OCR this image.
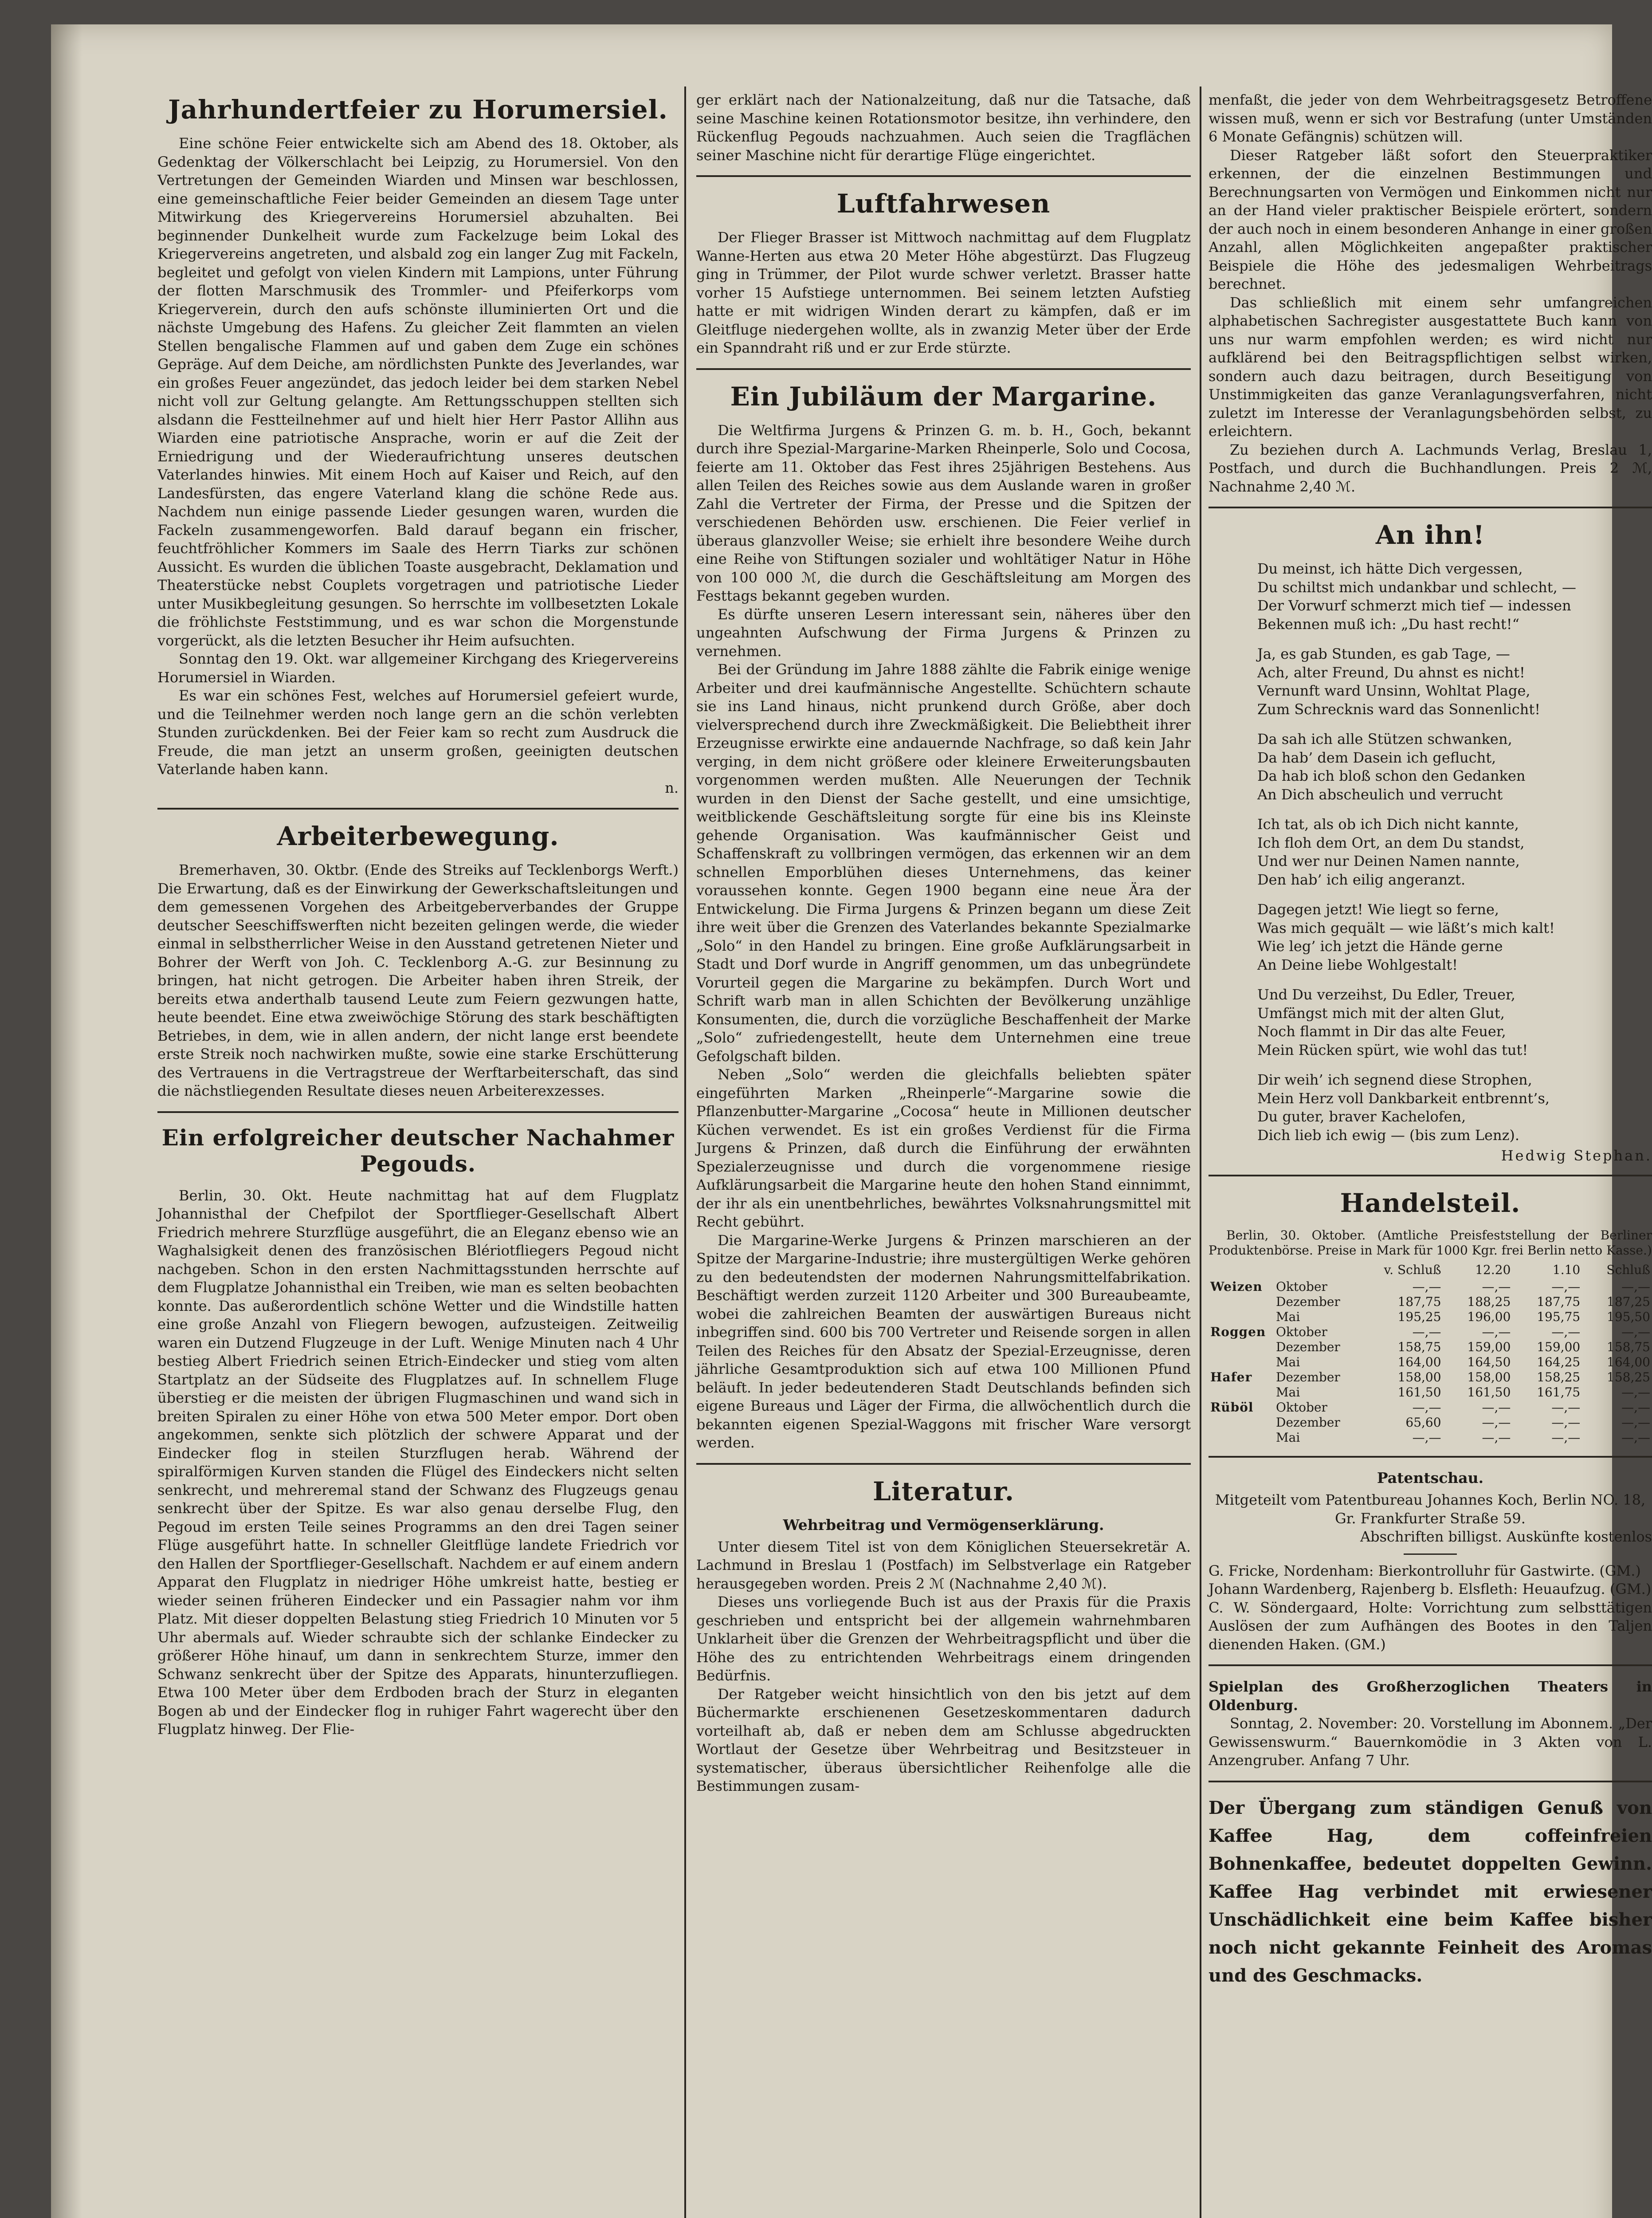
Jahrhundertfeier zu Horumersiel.

Eine schöne Feier entwickelte sich am Abend des 18. Oktober, als Gedenktag der Völkerschlacht bei Leipzig, zu Horumersiel. Von den Vertretungen der Gemeinden Wiarden und Minsen war beschlossen, eine gemeinschaftliche Feier beider Gemeinden an diesem Tage unter Mitwirkung des Kriegervereins Horumersiel abzuhalten. Bei beginnender Dunkelheit wurde zum Fackelzuge beim Lokal des Kriegervereins angetreten, und alsbald zog ein langer Zug mit Fackeln, begleitet und gefolgt von vielen Kindern mit Lampions, unter Führung der flotten Marschmusik des Trommler- und Pfeiferkorps vom Kriegerverein, durch den aufs schönste illuminierten Ort und die nächste Umgebung des Hafens. Zu gleicher Zeit flammten an vielen Stellen bengalische Flammen auf und gaben dem Zuge ein schönes Gepräge. Auf dem Deiche, am nördlichsten Punkte des Jeverlandes, war ein großes Feuer angezündet, das jedoch leider bei dem starken Nebel nicht voll zur Geltung gelangte. Am Rettungsschuppen stellten sich alsdann die Festteilnehmer auf und hielt hier Herr Pastor Allihn aus Wiarden eine patriotische Ansprache, worin er auf die Zeit der Erniedrigung und der Wiederaufrichtung unseres deutschen Vaterlandes hinwies. Mit einem Hoch auf Kaiser und Reich, auf den Landesfürsten, das engere Vaterland klang die schöne Rede aus. Nachdem nun einige passende Lieder gesungen waren, wurden die Fackeln zusammengeworfen. Bald darauf begann ein frischer, feuchtfröhlicher Kommers im Saale des Herrn Tiarks zur schönen Aussicht. Es wurden die üblichen Toaste ausgebracht, Deklamation und Theaterstücke nebst Couplets vorgetragen und patriotische Lieder unter Musikbegleitung gesungen. So herrschte im vollbesetzten Lokale die fröhlichste Feststimmung, und es war schon die Morgenstunde vorgerückt, als die letzten Besucher ihr Heim aufsuchten.

Sonntag den 19. Okt. war allgemeiner Kirchgang des Kriegervereins Horumersiel in Wiarden.

Es war ein schönes Fest, welches auf Horumersiel gefeiert wurde, und die Teilnehmer werden noch lange gern an die schön verlebten Stunden zurückdenken. Bei der Feier kam so recht zum Ausdruck die Freude, die man jetzt an unserm großen, geeinigten deutschen Vaterlande haben kann.

n.

Arbeiterbewegung.

Bremerhaven, 30. Oktbr. (Ende des Streiks auf Tecklenborgs Werft.) Die Erwartung, daß es der Einwirkung der Gewerkschaftsleitungen und dem gemessenen Vorgehen des Arbeitgeberverbandes der Gruppe deutscher Seeschiffswerften nicht bezeiten gelingen werde, die wieder einmal in selbstherrlicher Weise in den Ausstand getretenen Nieter und Bohrer der Werft von Joh. C. Tecklenborg A.-G. zur Besinnung zu bringen, hat nicht getrogen. Die Arbeiter haben ihren Streik, der bereits etwa anderthalb tausend Leute zum Feiern gezwungen hatte, heute beendet. Eine etwa zweiwöchige Störung des stark beschäftigten Betriebes, in dem, wie in allen andern, der nicht lange erst beendete erste Streik noch nachwirken mußte, sowie eine starke Erschütterung des Vertrauens in die Vertragstreue der Werftarbeiterschaft, das sind die nächstliegenden Resultate dieses neuen Arbeiterexzesses.

Ein erfolgreicher deutscher Nachahmer Pegouds.

Berlin, 30. Okt. Heute nachmittag hat auf dem Flugplatz Johannisthal der Chefpilot der Sportflieger-Gesellschaft Albert Friedrich mehrere Sturzflüge ausgeführt, die an Eleganz ebenso wie an Waghalsigkeit denen des französischen Blériotfliegers Pegoud nicht nachgeben. Schon in den ersten Nachmittagsstunden herrschte auf dem Flugplatze Johannisthal ein Treiben, wie man es selten beobachten konnte. Das außerordentlich schöne Wetter und die Windstille hatten eine große Anzahl von Fliegern bewogen, aufzusteigen. Zeitweilig waren ein Dutzend Flugzeuge in der Luft. Wenige Minuten nach 4 Uhr bestieg Albert Friedrich seinen Etrich-Eindecker und stieg vom alten Startplatz an der Südseite des Flugplatzes auf. In schnellem Fluge überstieg er die meisten der übrigen Flugmaschinen und wand sich in breiten Spiralen zu einer Höhe von etwa 500 Meter empor. Dort oben angekommen, senkte sich plötzlich der schwere Apparat und der Eindecker flog in steilen Sturzflugen herab. Während der spiralförmigen Kurven standen die Flügel des Eindeckers nicht selten senkrecht, und mehreremal stand der Schwanz des Flugzeugs genau senkrecht über der Spitze. Es war also genau derselbe Flug, den Pegoud im ersten Teile seines Programms an den drei Tagen seiner Flüge ausgeführt hatte. In schneller Gleitflüge landete Friedrich vor den Hallen der Sportflieger-Gesellschaft. Nachdem er auf einem andern Apparat den Flugplatz in niedriger Höhe umkreist hatte, bestieg er wieder seinen früheren Eindecker und ein Passagier nahm vor ihm Platz. Mit dieser doppelten Belastung stieg Friedrich 10 Minuten vor 5 Uhr abermals auf. Wieder schraubte sich der schlanke Eindecker zu größerer Höhe hinauf, um dann in senkrechtem Sturze, immer den Schwanz senkrecht über der Spitze des Apparats, hinunterzufliegen. Etwa 100 Meter über dem Erdboden brach der Sturz in eleganten Bogen ab und der Eindecker flog in ruhiger Fahrt wagerecht über den Flugplatz hinweg. Der Flie-

ger erklärt nach der Nationalzeitung, daß nur die Tatsache, daß seine Maschine keinen Rotationsmotor besitze, ihn verhindere, den Rückenflug Pegouds nachzuahmen. Auch seien die Tragflächen seiner Maschine nicht für derartige Flüge eingerichtet.

Luftfahrwesen

Der Flieger Brasser ist Mittwoch nachmittag auf dem Flugplatz Wanne-Herten aus etwa 20 Meter Höhe abgestürzt. Das Flugzeug ging in Trümmer, der Pilot wurde schwer verletzt. Brasser hatte vorher 15 Aufstiege unternommen. Bei seinem letzten Aufstieg hatte er mit widrigen Winden derart zu kämpfen, daß er im Gleitfluge niedergehen wollte, als in zwanzig Meter über der Erde ein Spanndraht riß und er zur Erde stürzte.

Ein Jubiläum der Margarine.

Die Weltfirma Jurgens & Prinzen G. m. b. H., Goch, bekannt durch ihre Spezial-Margarine-Marken Rheinperle, Solo und Cocosa, feierte am 11. Oktober das Fest ihres 25jährigen Bestehens. Aus allen Teilen des Reiches sowie aus dem Auslande waren in großer Zahl die Vertreter der Firma, der Presse und die Spitzen der verschiedenen Behörden usw. erschienen. Die Feier verlief in überaus glanzvoller Weise; sie erhielt ihre besondere Weihe durch eine Reihe von Stiftungen sozialer und wohltätiger Natur in Höhe von 100 000 ℳ, die durch die Geschäftsleitung am Morgen des Festtags bekannt gegeben wurden.

Es dürfte unseren Lesern interessant sein, näheres über den ungeahnten Aufschwung der Firma Jurgens & Prinzen zu vernehmen.

Bei der Gründung im Jahre 1888 zählte die Fabrik einige wenige Arbeiter und drei kaufmännische Angestellte. Schüchtern schaute sie ins Land hinaus, nicht prunkend durch Größe, aber doch vielversprechend durch ihre Zweckmäßigkeit. Die Beliebtheit ihrer Erzeugnisse erwirkte eine andauernde Nachfrage, so daß kein Jahr verging, in dem nicht größere oder kleinere Erweiterungsbauten vorgenommen werden mußten. Alle Neuerungen der Technik wurden in den Dienst der Sache gestellt, und eine umsichtige, weitblickende Geschäftsleitung sorgte für eine bis ins Kleinste gehende Organisation. Was kaufmännischer Geist und Schaffenskraft zu vollbringen vermögen, das erkennen wir an dem schnellen Emporblühen dieses Unternehmens, das keiner voraussehen konnte. Gegen 1900 begann eine neue Ära der Entwickelung. Die Firma Jurgens & Prinzen begann um diese Zeit ihre weit über die Grenzen des Vaterlandes bekannte Spezialmarke „Solo“ in den Handel zu bringen. Eine große Aufklärungsarbeit in Stadt und Dorf wurde in Angriff genommen, um das unbegründete Vorurteil gegen die Margarine zu bekämpfen. Durch Wort und Schrift warb man in allen Schichten der Bevölkerung unzählige Konsumenten, die, durch die vorzügliche Beschaffenheit der Marke „Solo“ zufriedengestellt, heute dem Unternehmen eine treue Gefolgschaft bilden.

Neben „Solo“ werden die gleichfalls beliebten später eingeführten Marken „Rheinperle“-Margarine sowie die Pflanzenbutter-Margarine „Cocosa“ heute in Millionen deutscher Küchen verwendet. Es ist ein großes Verdienst für die Firma Jurgens & Prinzen, daß durch die Einführung der erwähnten Spezialerzeugnisse und durch die vorgenommene riesige Aufklärungsarbeit die Margarine heute den hohen Stand einnimmt, der ihr als ein unentbehrliches, bewährtes Volksnahrungsmittel mit Recht gebührt.

Die Margarine-Werke Jurgens & Prinzen marschieren an der Spitze der Margarine-Industrie; ihre mustergültigen Werke gehören zu den bedeutendsten der modernen Nahrungsmittelfabrikation. Beschäftigt werden zurzeit 1120 Arbeiter und 300 Bureaubeamte, wobei die zahlreichen Beamten der auswärtigen Bureaus nicht inbegriffen sind. 600 bis 700 Vertreter und Reisende sorgen in allen Teilen des Reiches für den Absatz der Spezial-Erzeugnisse, deren jährliche Gesamtproduktion sich auf etwa 100 Millionen Pfund beläuft. In jeder bedeutenderen Stadt Deutschlands befinden sich eigene Bureaus und Läger der Firma, die allwöchentlich durch die bekannten eigenen Spezial-Waggons mit frischer Ware versorgt werden.

Literatur.
Wehrbeitrag und Vermögenserklärung.

Unter diesem Titel ist von dem Königlichen Steuersekretär A. Lachmund in Breslau 1 (Postfach) im Selbstverlage ein Ratgeber herausgegeben worden. Preis 2 ℳ (Nachnahme 2,40 ℳ).

Dieses uns vorliegende Buch ist aus der Praxis für die Praxis geschrieben und entspricht bei der allgemein wahrnehmbaren Unklarheit über die Grenzen der Wehrbeitragspflicht und über die Höhe des zu entrichtenden Wehrbeitrags einem dringenden Bedürfnis.

Der Ratgeber weicht hinsichtlich von den bis jetzt auf dem Büchermarkte erschienenen Gesetzeskommentaren dadurch vorteilhaft ab, daß er neben dem am Schlusse abgedruckten Wortlaut der Gesetze über Wehrbeitrag und Besitzsteuer in systematischer, überaus übersichtlicher Reihenfolge alle die Bestimmungen zusam-

menfaßt, die jeder von dem Wehrbeitragsgesetz Betroffene wissen muß, wenn er sich vor Bestrafung (unter Umständen 6 Monate Gefängnis) schützen will.

Dieser Ratgeber läßt sofort den Steuerpraktiker erkennen, der die einzelnen Bestimmungen und Berechnungsarten von Vermögen und Einkommen nicht nur an der Hand vieler praktischer Beispiele erörtert, sondern der auch noch in einem besonderen Anhange in einer großen Anzahl, allen Möglichkeiten angepaßter praktischer Beispiele die Höhe des jedesmaligen Wehrbeitrags berechnet.

Das schließlich mit einem sehr umfangreichen alphabetischen Sachregister ausgestattete Buch kann von uns nur warm empfohlen werden; es wird nicht nur aufklärend bei den Beitragspflichtigen selbst wirken, sondern auch dazu beitragen, durch Beseitigung von Unstimmigkeiten das ganze Veranlagungsverfahren, nicht zuletzt im Interesse der Veranlagungsbehörden selbst, zu erleichtern.

Zu beziehen durch A. Lachmunds Verlag, Breslau 1, Postfach, und durch die Buchhandlungen. Preis 2 ℳ, Nachnahme 2,40 ℳ.

An ihn!
Du meinst, ich hätte Dich vergessen,
Du schiltst mich undankbar und schlecht, —
Der Vorwurf schmerzt mich tief — indessen
Bekennen muß ich: „Du hast recht!“
Ja, es gab Stunden, es gab Tage, —
Ach, alter Freund, Du ahnst es nicht!
Vernunft ward Unsinn, Wohltat Plage,
Zum Schrecknis ward das Sonnenlicht!
Da sah ich alle Stützen schwanken,
Da hab’ dem Dasein ich geflucht,
Da hab ich bloß schon den Gedanken
An Dich abscheulich und verrucht
Ich tat, als ob ich Dich nicht kannte,
Ich floh dem Ort, an dem Du standst,
Und wer nur Deinen Namen nannte,
Den hab’ ich eilig angeranzt.
Dagegen jetzt! Wie liegt so ferne,
Was mich gequält — wie läßt’s mich kalt!
Wie leg’ ich jetzt die Hände gerne
An Deine liebe Wohlgestalt!
Und Du verzeihst, Du Edler, Treuer,
Umfängst mich mit der alten Glut,
Noch flammt in Dir das alte Feuer,
Mein Rücken spürt, wie wohl das tut!
Dir weih’ ich segnend diese Strophen,
Mein Herz voll Dankbarkeit entbrennt’s,
Du guter, braver Kachelofen,
Dich lieb ich ewig — (bis zum Lenz).
Hedwig Stephan.
Handelsteil.

Berlin, 30. Oktober. (Amtliche Preisfeststellung der Berliner Produktenbörse. Preise in Mark für 1000 Kgr. frei Berlin netto Kasse.)

		v. Schluß	12.20	1.10	Schluß
Weizen	Oktober	—,—	—,—	—,—	—,—
	Dezember	187,75	188,25	187,75	187,25
	Mai	195,25	196,00	195,75	195,50
Roggen	Oktober	—,—	—,—	—,—	—,—
	Dezember	158,75	159,00	159,00	158,75
	Mai	164,00	164,50	164,25	164,00
Hafer	Dezember	158,00	158,00	158,25	158,25
	Mai	161,50	161,50	161,75	—,—
Rüböl	Oktober	—,—	—,—	—,—	—,—
	Dezember	65,60	—,—	—,—	—,—
	Mai	—,—	—,—	—,—	—,—
Patentschau.

Mitgeteilt vom Patentbureau Johannes Koch, Berlin NO. 18, Gr. Frankfurter Straße 59.

Abschriften billigst. Auskünfte kostenlos

G. Fricke, Nordenham: Bierkontrolluhr für Gastwirte. (GM.)

Johann Wardenberg, Rajenberg b. Elsfleth: Heuaufzug. (GM.)

C. W. Söndergaard, Holte: Vorrichtung zum selbsttätigen Auslösen der zum Aufhängen des Bootes in den Taljen dienenden Haken. (GM.)

Spielplan des Großherzoglichen Theaters in Oldenburg.

Sonntag, 2. November: 20. Vorstellung im Abonnem. „Der Gewissenswurm.“ Bauernkomödie in 3 Akten von L. Anzengruber. Anfang 7 Uhr.

Der Übergang zum ständigen Genuß von Kaffee Hag, dem coffeinfreien Bohnenkaffee, bedeutet doppelten Gewinn. Kaffee Hag verbindet mit erwiesener Unschädlichkeit eine beim Kaffee bisher noch nicht gekannte Feinheit des Aromas und des Geschmacks.
